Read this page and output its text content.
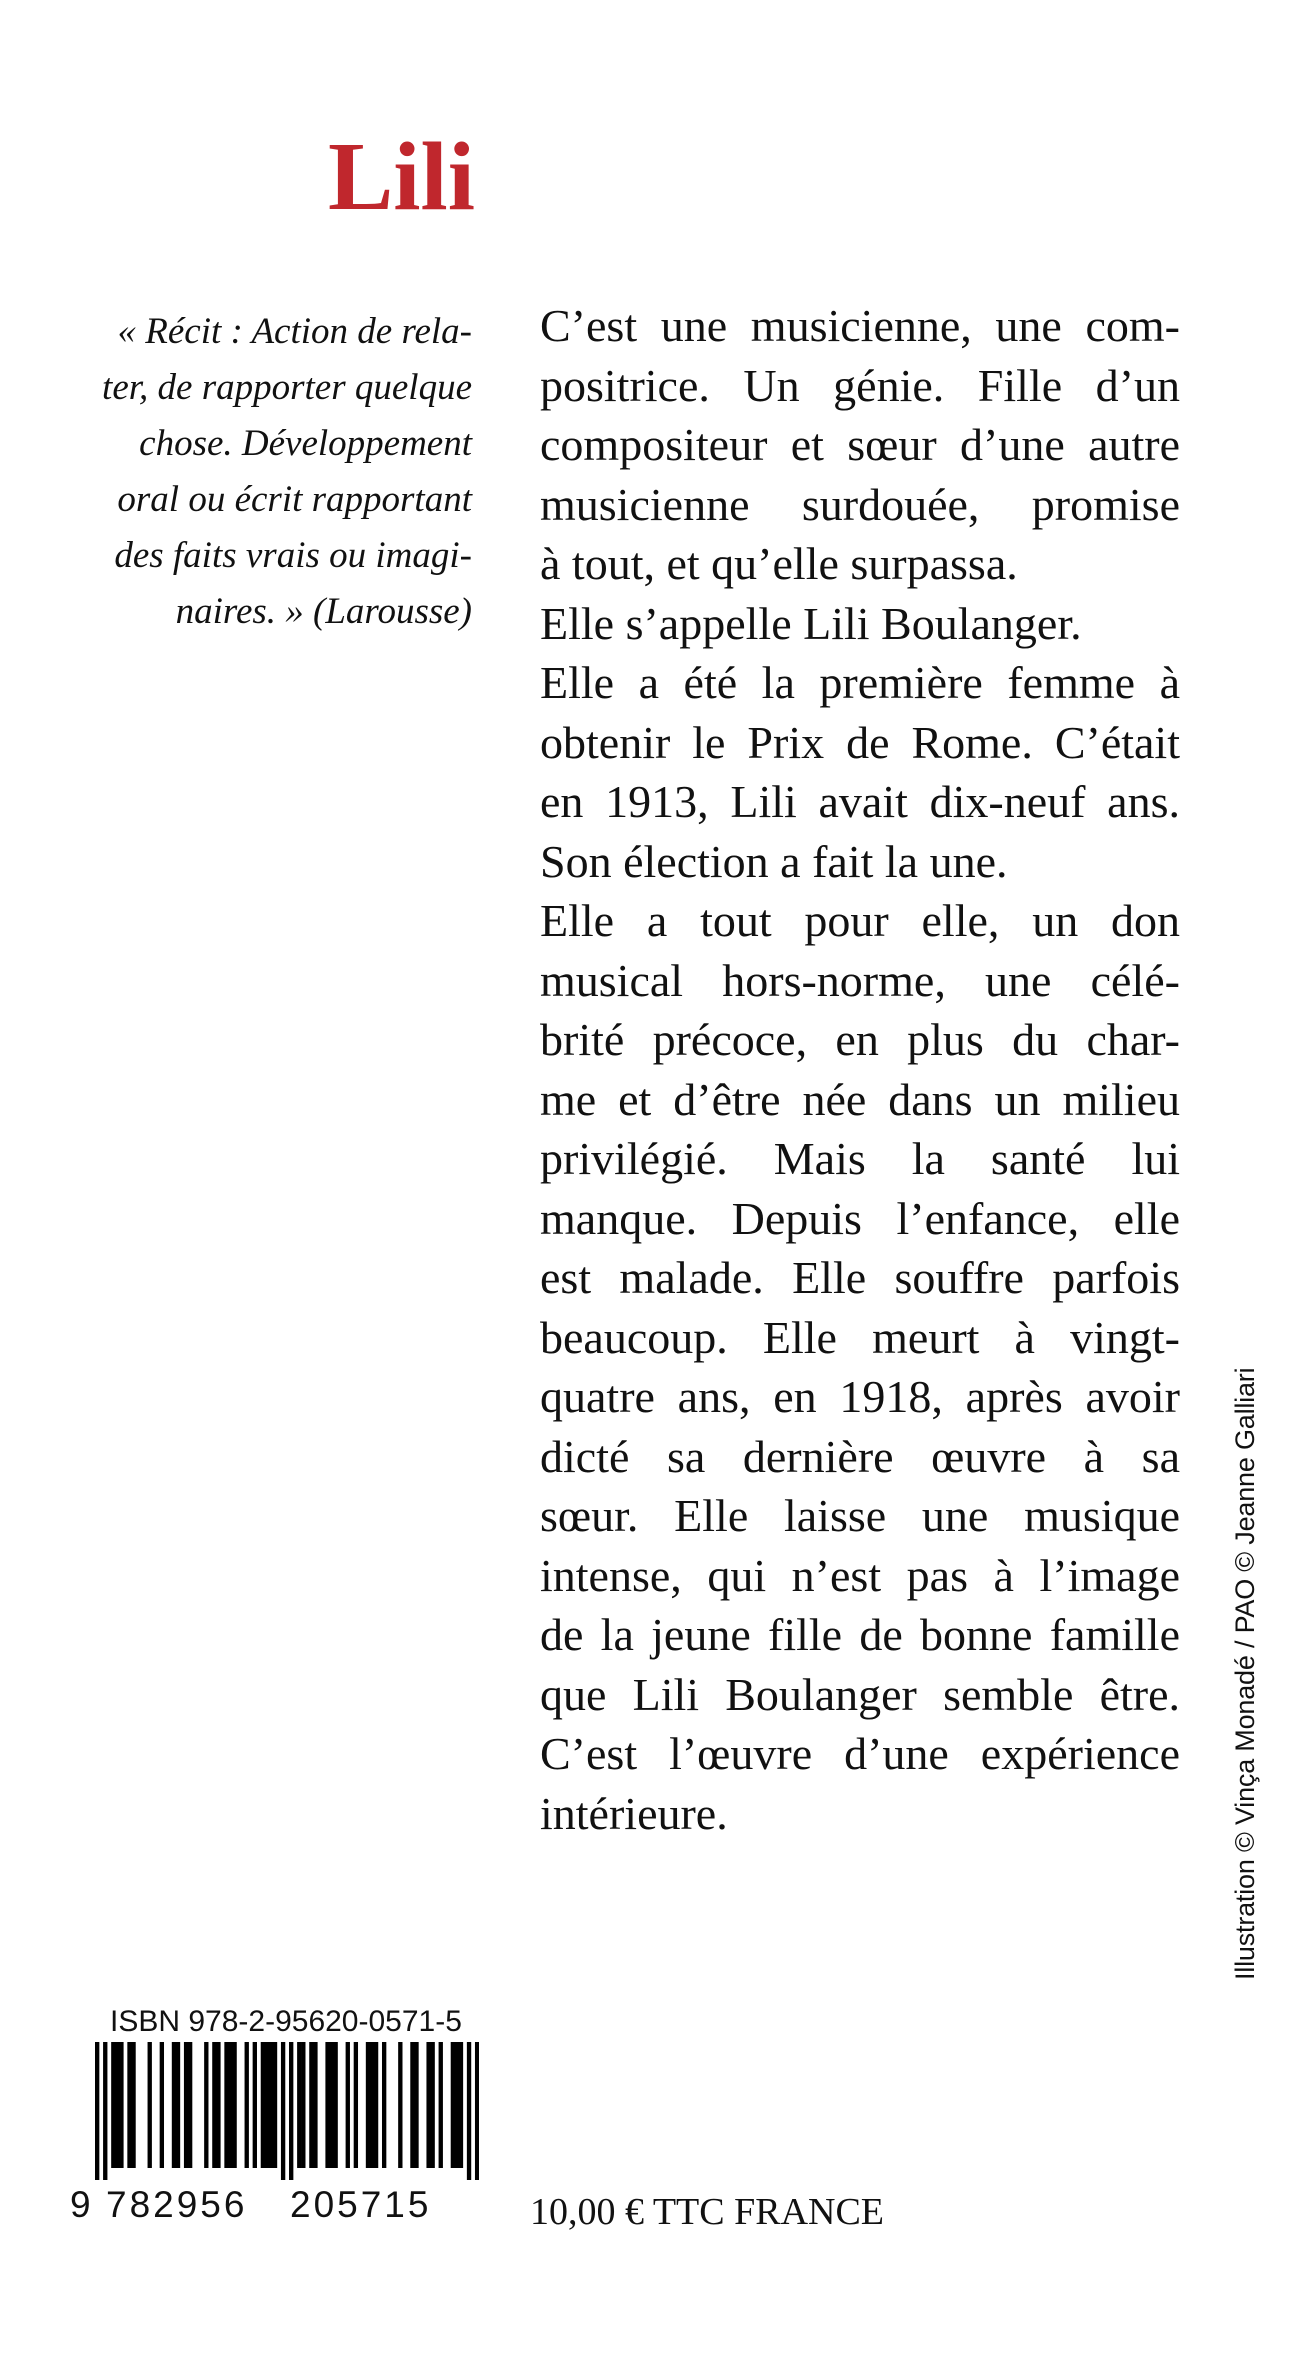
Lili
« Récit : Action de rela-
ter, de rapporter quelque
chose. Développement
oral ou écrit rapportant
des faits vrais ou imagi-
naires. » (Larousse)
C’est une musicienne, une com-
positrice. Un génie. Fille d’un
compositeur et sœur d’une autre
musicienne surdouée, promise
à tout, et qu’elle surpassa.
Elle s’appelle Lili Boulanger.
Elle a été la première femme à
obtenir le Prix de Rome. C’était
en 1913, Lili avait dix-neuf ans.
Son élection a fait la une.
Elle a tout pour elle, un don
musical hors-norme, une célé-
brité précoce, en plus du char-
me et d’être née dans un milieu
privilégié. Mais la santé lui
manque. Depuis l’enfance, elle
est malade. Elle souffre parfois
beaucoup. Elle meurt à vingt-
quatre ans, en 1918, après avoir
dicté sa dernière œuvre à sa
sœur. Elle laisse une musique
intense, qui n’est pas à l’image
de la jeune fille de bonne famille
que Lili Boulanger semble être.
C’est l’œuvre d’une expérience
intérieure.	Illustration © Vinça Monadé / PAO © Jeanne Galliari
ISBN 978-2-95620-0571-5
9 782956 205715	10,00 € TTC FRANCE
